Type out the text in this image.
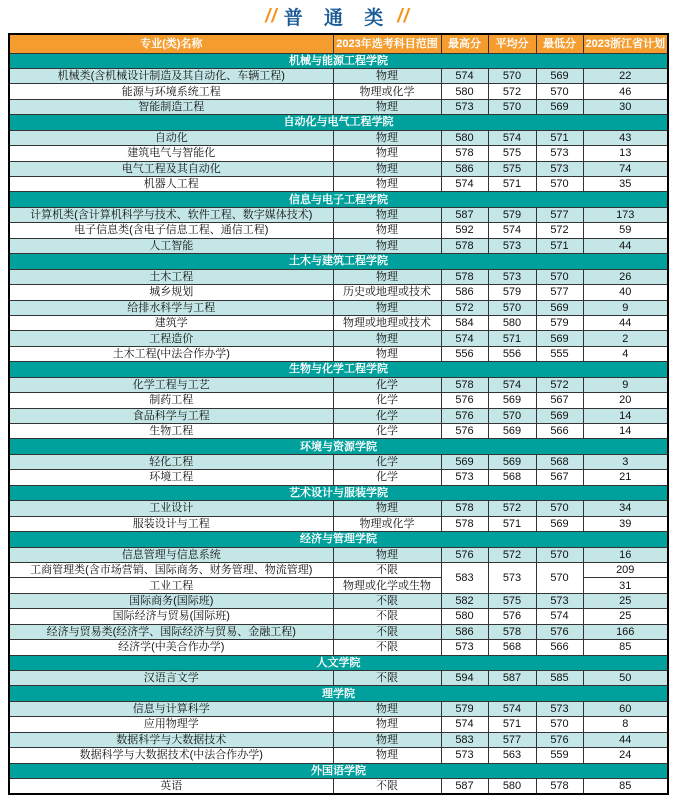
// 普 通 类 //
专业(类)名称	2023年选考科目范围	最高分	平均分	最低分	2023浙江省计划
机械与能源工程学院					
机械类(含机械设计制造及其自动化、车辆工程)	物理	574	570	569	22
能源与环境系统工程	物理或化学	580	572	570	46
智能制造工程	物理	573	570	569	30
自动化与电气工程学院					
自动化	物理	580	574	571	43
建筑电气与智能化	物理	578	575	573	13
电气工程及其自动化	物理	586	575	573	74
机器人工程	物理	574	571	570	35
信息与电子工程学院					
计算机类(含计算机科学与技术、软件工程、数字媒体技术)	物理	587	579	577	173
电子信息类(含电子信息工程、通信工程)	物理	592	574	572	59
人工智能	物理	578	573	571	44
土木与建筑工程学院					
土木工程	物理	578	573	570	26
城乡规划	历史或地理或技术	586	579	577	40
给排水科学与工程	物理	572	570	569	9
建筑学	物理或地理或技术	584	580	579	44
工程造价	物理	574	571	569	2
土木工程(中法合作办学)	物理	556	556	555	4
生物与化学工程学院					
化学工程与工艺	化学	578	574	572	9
制药工程	化学	576	569	567	20
食品科学与工程	化学	576	570	569	14
生物工程	化学	576	569	566	14
环境与资源学院					
轻化工程	化学	569	569	568	3
环境工程	化学	573	568	567	21
艺术设计与服装学院					
工业设计	物理	578	572	570	34
服装设计与工程	物理或化学	578	571	569	39
经济与管理学院					
信息管理与信息系统	物理	576	572	570	16
工商管理类(含市场营销、国际商务、财务管理、物流管理)	不限	583	573	570	209
工业工程	物理或化学或生物				31
国际商务(国际班)	不限	582	575	573	25
国际经济与贸易(国际班)	不限	580	576	574	25
经济与贸易类(经济学、国际经济与贸易、金融工程)	不限	586	578	576	166
经济学(中美合作办学)	不限	573	568	566	85
人文学院					
汉语言文学	不限	594	587	585	50
理学院					
信息与计算科学	物理	579	574	573	60
应用物理学	物理	574	571	570	8
数据科学与大数据技术	物理	583	577	576	44
数据科学与大数据技术(中法合作办学)	物理	573	563	559	24
外国语学院					
英语	不限	587	580	578	85
